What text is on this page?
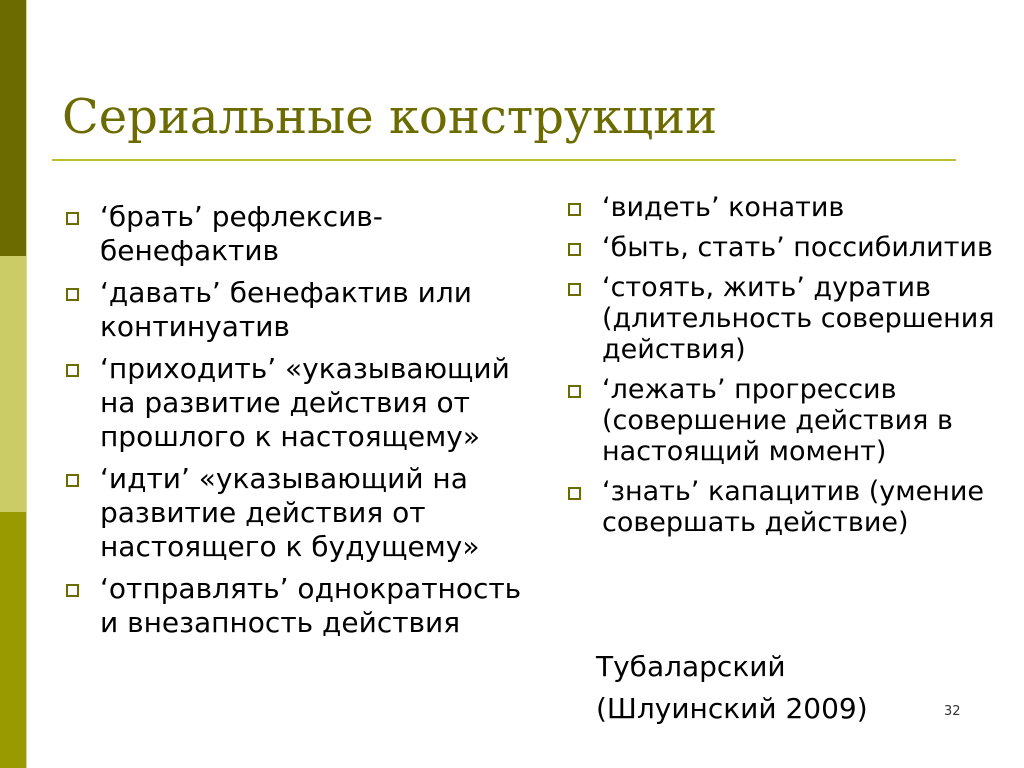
Сериальные конструкции
‘брать’ рефлексив-бенефактив
‘давать’ бенефактив или континуатив
‘приходить’ «указывающий на развитие действия от прошлого к настоящему»
‘идти’ «указывающий на развитие действия от настоящего к будущему»
‘отправлять’ однократность и внезапность действия
‘видеть’ конатив
‘быть, стать’ поссибилитив
‘стоять, жить’ дуратив (длительность совершения действия)
‘лежать’ прогрессив (совершение действия в настоящий момент)
‘знать’ капацитив (умение совершать действие)
Тубаларский
(Шлуинский 2009)	32
